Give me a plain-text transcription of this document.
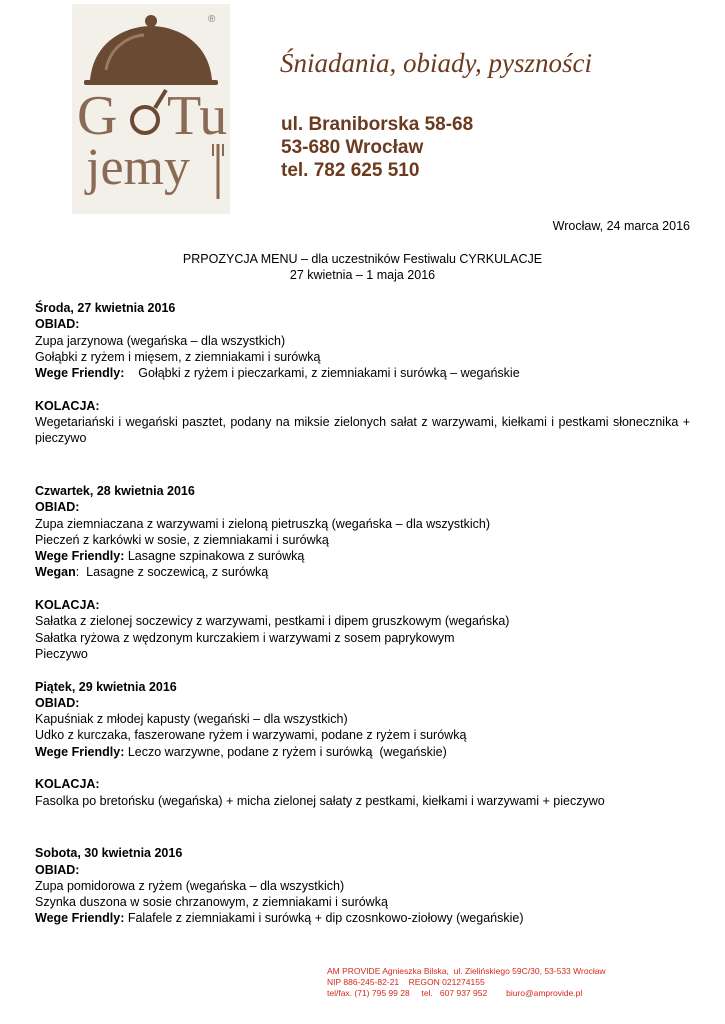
G Tu
jemy
®
Śniadania, obiady, pyszności
ul. Braniborska 58-68
53-680 Wrocław
tel. 782 625 510
Wrocław, 24 marca 2016
PRPOZYCJA MENU – dla uczestników Festiwalu CYRKULACJE
27 kwietnia – 1 maja 2016
Środa, 27 kwietnia 2016
OBIAD:
Zupa jarzynowa (wegańska – dla wszystkich)
Gołąbki z ryżem i mięsem, z ziemniakami i surówką
Wege Friendly:    Gołąbki z ryżem i pieczarkami, z ziemniakami i surówką – wegańskie
KOLACJA:
Wegetariański i wegański pasztet, podany na miksie zielonych sałat z warzywami, kiełkami i pestkami słonecznika + pieczywo
Czwartek, 28 kwietnia 2016
OBIAD:
Zupa ziemniaczana z warzywami i zieloną pietruszką (wegańska – dla wszystkich)
Pieczeń z karkówki w sosie, z ziemniakami i surówką
Wege Friendly: Lasagne szpinakowa z surówką
Wegan:  Lasagne z soczewicą, z surówką
KOLACJA:
Sałatka z zielonej soczewicy z warzywami, pestkami i dipem gruszkowym (wegańska)
Sałatka ryżowa z wędzonym kurczakiem i warzywami z sosem paprykowym
Pieczywo
Piątek, 29 kwietnia 2016
OBIAD:
Kapuśniak z młodej kapusty (wegański – dla wszystkich)
Udko z kurczaka, faszerowane ryżem i warzywami, podane z ryżem i surówką
Wege Friendly: Leczo warzywne, podane z ryżem i surówką  (wegańskie)
KOLACJA:
Fasolka po bretońsku (wegańska) + micha zielonej sałaty z pestkami, kiełkami i warzywami + pieczywo
Sobota, 30 kwietnia 2016
OBIAD:
Zupa pomidorowa z ryżem (wegańska – dla wszystkich)
Szynka duszona w sosie chrzanowym, z ziemniakami i surówką
Wege Friendly: Falafele z ziemniakami i surówką + dip czosnkowo-ziołowy (wegańskie)
AM PROVIDE Agnieszka Bilska,  ul. Zielińskiego 59C/30, 53-533 Wrocław
NIP 886-245-82-21    REGON 021274155
tel/fax. (71) 795 99 28     tel.   607 937 952        biuro@amprovide.pl
